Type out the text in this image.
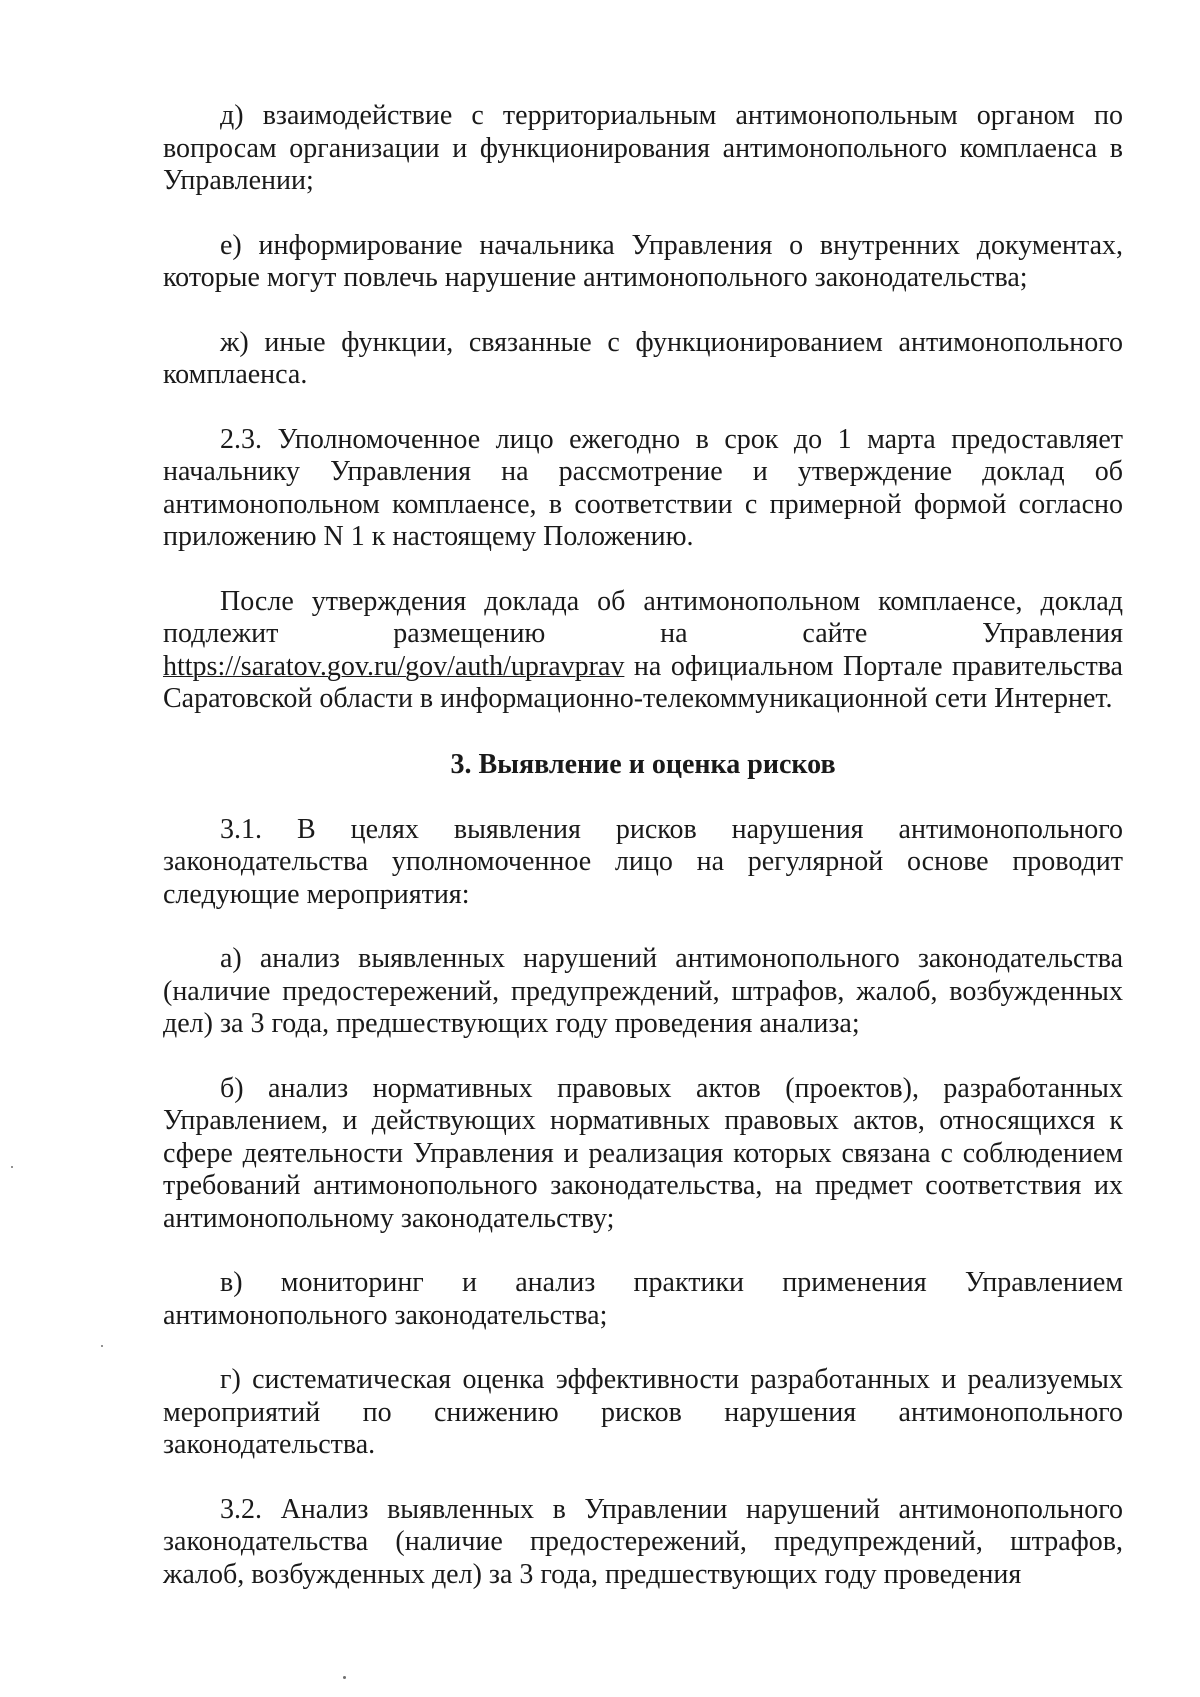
д) взаимодействие с территориальным антимонопольным органом по вопросам организации и функционирования антимонопольного комплаенса в Управлении;

е) информирование начальника Управления о внутренних документах, которые могут повлечь нарушение антимонопольного законодательства;

ж) иные функции, связанные с функционированием антимонопольного комплаенса.

2.3. Уполномоченное лицо ежегодно в срок до 1 марта предоставляет начальнику Управления на рассмотрение и утверждение доклад об антимонопольном комплаенсе, в соответствии с примерной формой согласно приложению N 1 к настоящему Положению.

После утверждения доклада об антимонопольном комплаенсе, доклад подлежит размещению на сайте Управления https://saratov.gov.ru/gov/auth/upravprav на официальном Портале правительства Саратовской области в информационно-телекоммуникационной сети Интернет.

3. Выявление и оценка рисков

3.1. В целях выявления рисков нарушения антимонопольного законодательства уполномоченное лицо на регулярной основе проводит следующие мероприятия:

а) анализ выявленных нарушений антимонопольного законодательства (наличие предостережений, предупреждений, штрафов, жалоб, возбужденных дел) за 3 года, предшествующих году проведения анализа;

б) анализ нормативных правовых актов (проектов), разработанных Управлением, и действующих нормативных правовых актов, относящихся к сфере деятельности Управления и реализация которых связана с соблюдением требований антимонопольного законодательства, на предмет соответствия их антимонопольному законодательству;

в) мониторинг и анализ практики применения Управлением антимонопольного законодательства;

г) систематическая оценка эффективности разработанных и реализуемых мероприятий по снижению рисков нарушения антимонопольного законодательства.

3.2. Анализ выявленных в Управлении нарушений антимонопольного законодательства (наличие предостережений, предупреждений, штрафов, жалоб, возбужденных дел) за 3 года, предшествующих году проведения
